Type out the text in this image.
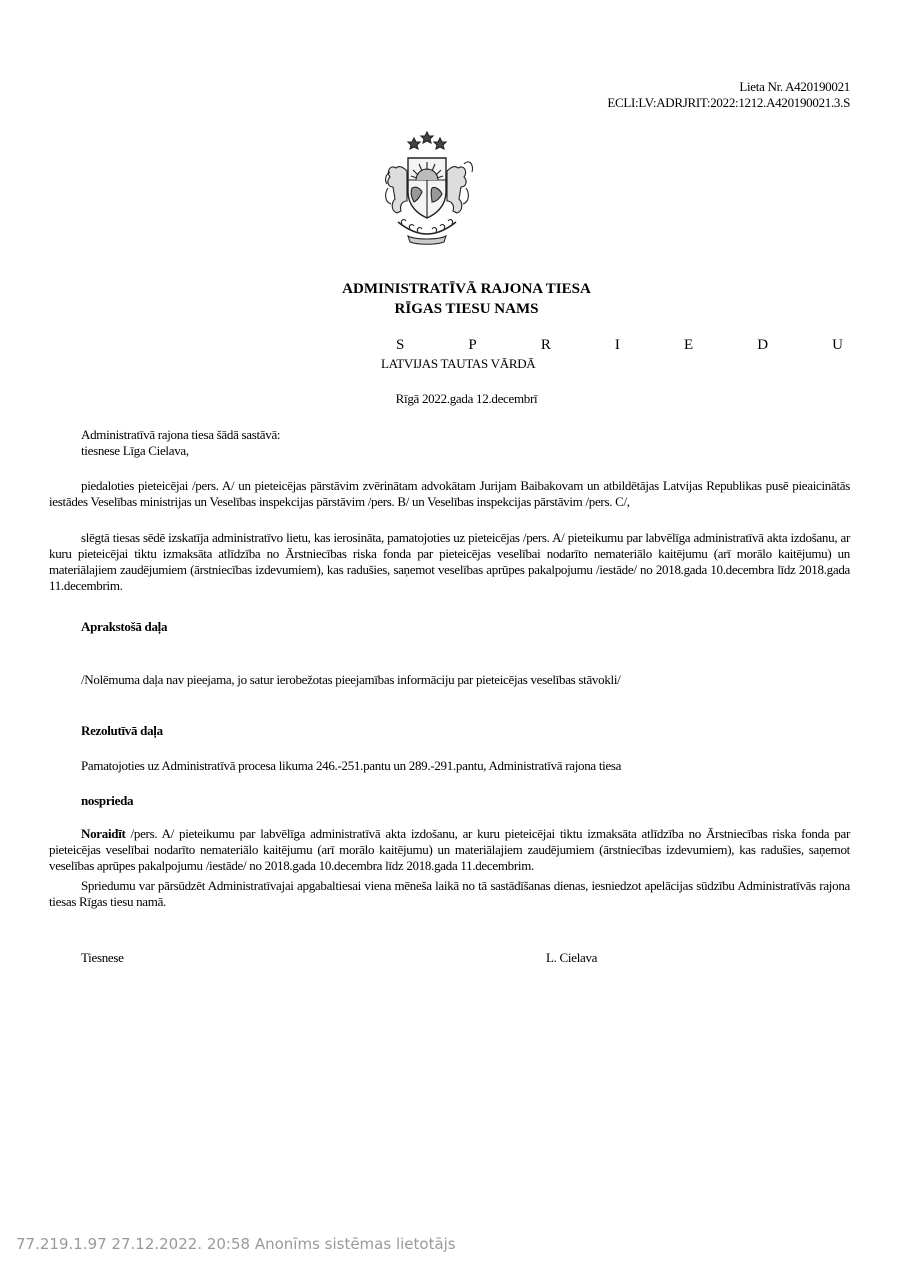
Lieta Nr. A420190021
ECLI:LV:ADRJRIT:2022:1212.A420190021.3.S
ADMINISTRATĪVĀ RAJONA TIESA
RĪGAS TIESU NAMS
S	P	R	I	E	D	U
LATVIJAS TAUTAS VĀRDĀ
Rīgā 2022.gada 12.decembrī
Administratīvā rajona tiesa šādā sastāvā:
tiesnese Līga Cielava,
piedaloties pieteicējai /pers. A/ un pieteicējas pārstāvim zvērinātam advokātam Jurijam Baibakovam un atbildētājas Latvijas Republikas pusē pieaicinātās iestādes Veselības ministrijas un Veselības inspekcijas pārstāvim /pers. B/ un Veselības inspekcijas pārstāvim /pers. C/,
slēgtā tiesas sēdē izskatīja administratīvo lietu, kas ierosināta, pamatojoties uz pieteicējas /pers. A/ pieteikumu par labvēlīga administratīvā akta izdošanu, ar kuru pieteicējai tiktu izmaksāta atlīdzība no Ārstniecības riska fonda par pieteicējas veselībai nodarīto nemateriālo kaitējumu (arī morālo kaitējumu) un materiālajiem zaudējumiem (ārstniecības izdevumiem), kas radušies, saņemot veselības aprūpes pakalpojumu /iestāde/ no 2018.gada 10.decembra līdz 2018.gada 11.decembrim.
Aprakstošā daļa
/Nolēmuma daļa nav pieejama, jo satur ierobežotas pieejamības informāciju par pieteicējas veselības stāvokli/
Rezolutīvā daļa
Pamatojoties uz Administratīvā procesa likuma 246.-251.pantu un 289.-291.pantu, Administratīvā rajona tiesa
nosprieda
Noraidīt /pers. A/ pieteikumu par labvēlīga administratīvā akta izdošanu, ar kuru pieteicējai tiktu izmaksāta atlīdzība no Ārstniecības riska fonda par pieteicējas veselībai nodarīto nemateriālo kaitējumu (arī morālo kaitējumu) un materiālajiem zaudējumiem (ārstniecības izdevumiem), kas radušies, saņemot veselības aprūpes pakalpojumu /iestāde/ no 2018.gada 10.decembra līdz 2018.gada 11.decembrim.
Spriedumu var pārsūdzēt Administratīvajai apgabaltiesai viena mēneša laikā no tā sastādīšanas dienas, iesniedzot apelācijas sūdzību Administratīvās rajona tiesas Rīgas tiesu namā.
Tiesnese	L. Cielava
77.219.1.97 27.12.2022. 20:58 Anonīms sistēmas lietotājs
